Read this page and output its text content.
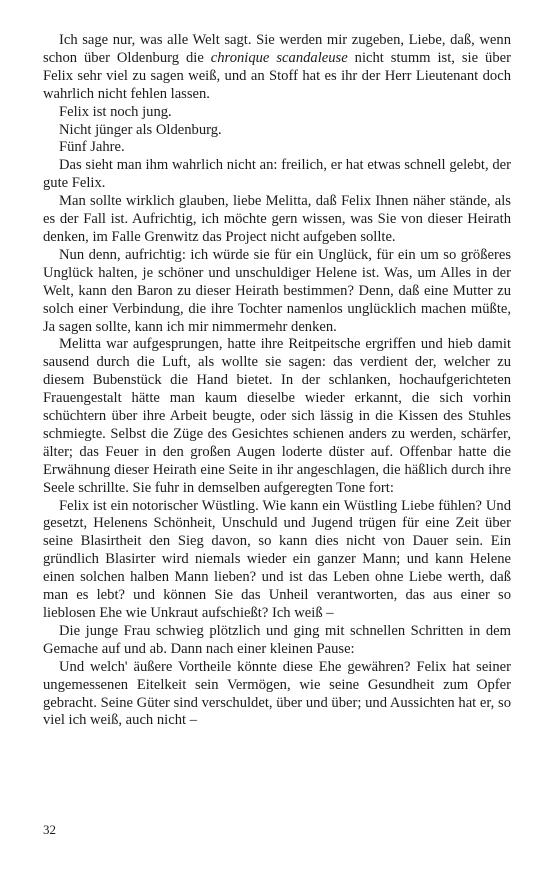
Ich sage nur, was alle Welt sagt. Sie werden mir zugeben, Liebe, daß, wenn schon über Oldenburg die chronique scandaleuse nicht stumm ist, sie über Felix sehr viel zu sagen weiß, und an Stoff hat es ihr der Herr Lieutenant doch wahrlich nicht fehlen lassen.

Felix ist noch jung.

Nicht jünger als Oldenburg.

Fünf Jahre.

Das sieht man ihm wahrlich nicht an: freilich, er hat etwas schnell gelebt, der gute Felix.

Man sollte wirklich glauben, liebe Melitta, daß Felix Ihnen näher stände, als es der Fall ist. Aufrichtig, ich möchte gern wissen, was Sie von dieser Heirath denken, im Falle Grenwitz das Project nicht aufgeben sollte.

Nun denn, aufrichtig: ich würde sie für ein Unglück, für ein um so größeres Unglück halten, je schöner und unschuldiger Helene ist. Was, um Alles in der Welt, kann den Baron zu dieser Heirath bestimmen? Denn, daß eine Mutter zu solch einer Verbindung, die ihre Tochter namenlos unglücklich machen müßte, Ja sagen sollte, kann ich mir nimmermehr denken.

Melitta war aufgesprungen, hatte ihre Reitpeitsche ergriffen und hieb damit sausend durch die Luft, als wollte sie sagen: das verdient der, welcher zu diesem Bubenstück die Hand bietet. In der schlanken, hochaufgerichteten Frauengestalt hätte man kaum dieselbe wieder erkannt, die sich vorhin schüchtern über ihre Arbeit beugte, oder sich lässig in die Kissen des Stuhles schmiegte. Selbst die Züge des Gesichtes schienen anders zu werden, schärfer, älter; das Feuer in den großen Augen loderte düster auf. Offenbar hatte die Erwähnung dieser Heirath eine Seite in ihr angeschlagen, die häßlich durch ihre Seele schrillte. Sie fuhr in demselben aufgeregten Tone fort:

Felix ist ein notorischer Wüstling. Wie kann ein Wüstling Liebe fühlen? Und gesetzt, Helenens Schönheit, Unschuld und Jugend trügen für eine Zeit über seine Blasirtheit den Sieg davon, so kann dies nicht von Dauer sein. Ein gründlich Blasirter wird niemals wieder ein ganzer Mann; und kann Helene einen solchen halben Mann lieben? und ist das Leben ohne Liebe werth, daß man es lebt? und können Sie das Unheil verantworten, das aus einer so lieblosen Ehe wie Unkraut aufschießt? Ich weiß –

Die junge Frau schwieg plötzlich und ging mit schnellen Schritten in dem Gemache auf und ab. Dann nach einer kleinen Pause:

Und welch' äußere Vortheile könnte diese Ehe gewähren? Felix hat seiner ungemessenen Eitelkeit sein Vermögen, wie seine Gesundheit zum Opfer gebracht. Seine Güter sind verschuldet, über und über; und Aussichten hat er, so viel ich weiß, auch nicht –

32
